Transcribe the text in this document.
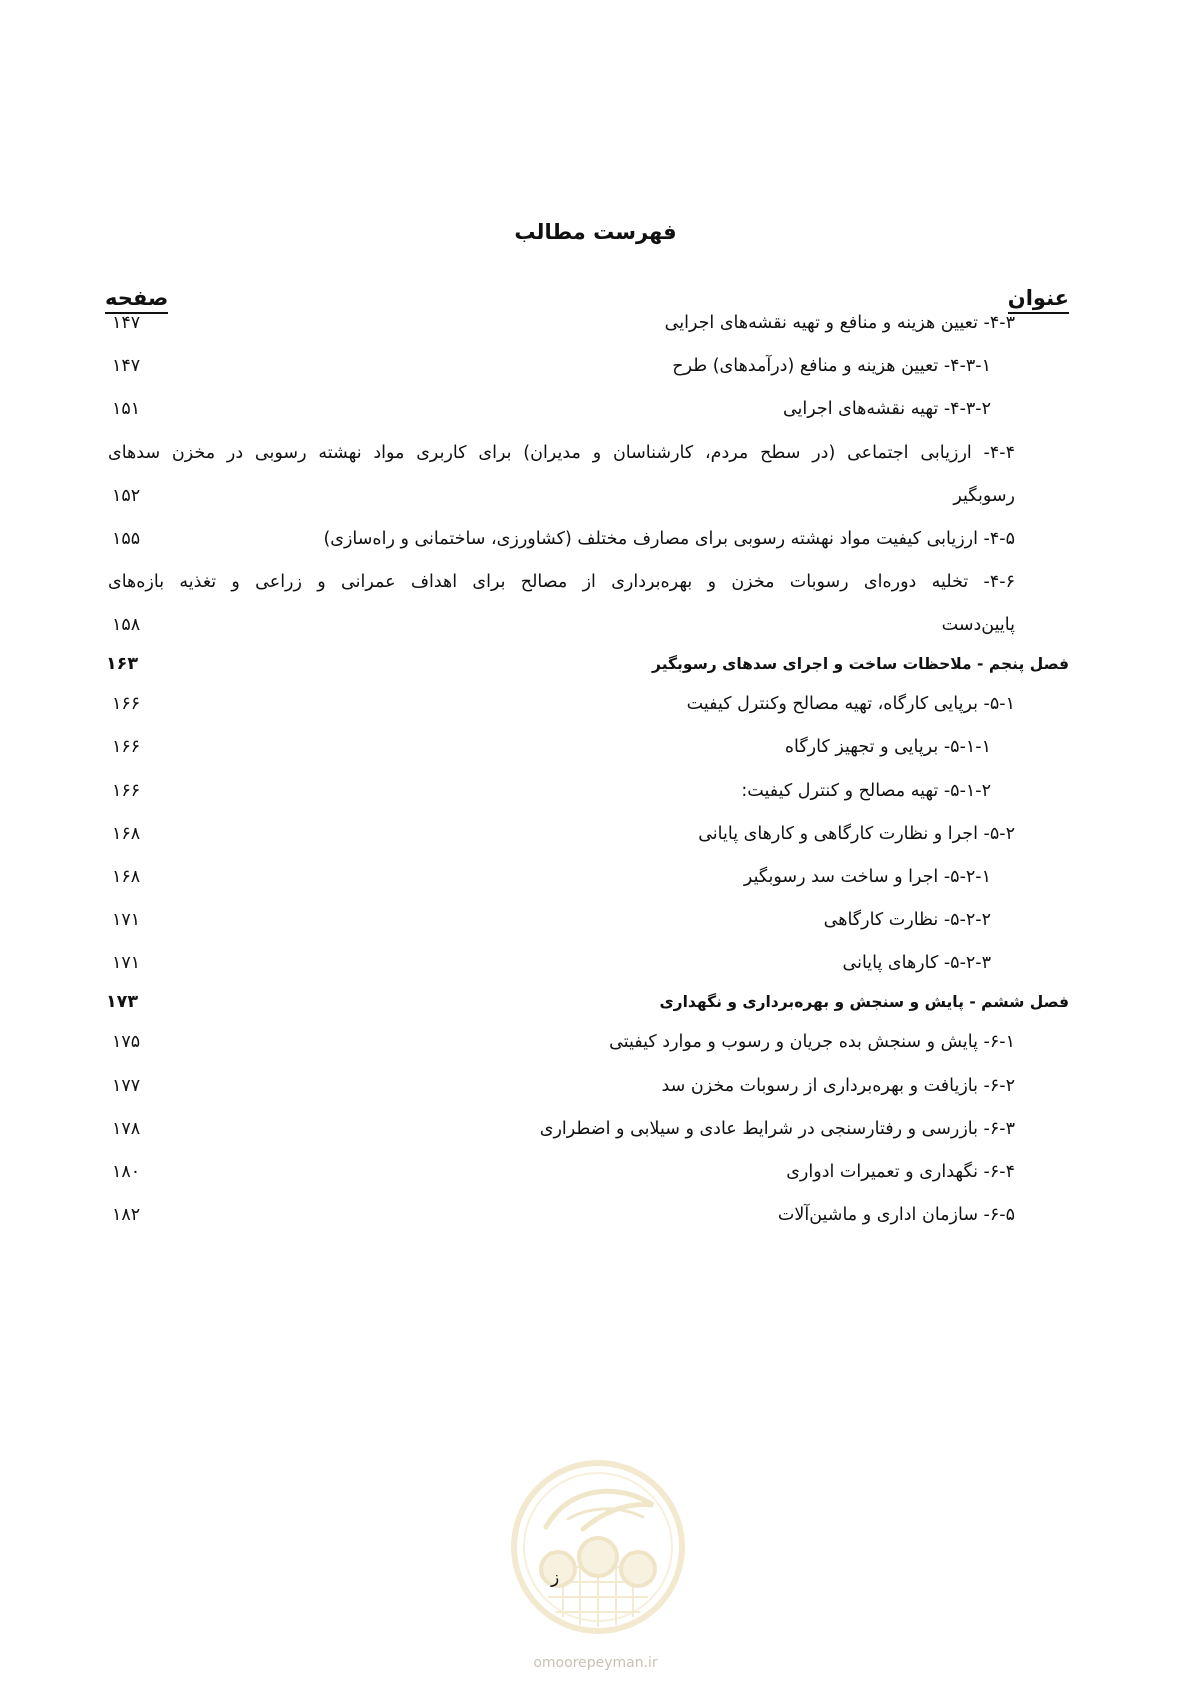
فهرست مطالب
عنوان
صفحه
۴-۳- تعیین هزینه و منافع و تهیه نقشه‌های اجرایی
۱۴۷
۴-۳-۱- تعیین هزینه و منافع (درآمدهای) طرح
۱۴۷
۴-۳-۲- تهیه نقشه‌های اجرایی
۱۵۱
۴-۴- ارزیابی اجتماعی (در سطح مردم، کارشناسان و مدیران) برای کاربری مواد نهشته رسوبی در مخزن سدهای
رسوبگیر
۱۵۲
۴-۵- ارزیابی کیفیت مواد نهشته رسوبی برای مصارف مختلف (کشاورزی، ساختمانی و راه‌سازی)
۱۵۵
۴-۶- تخلیه دوره‌ای رسوبات مخزن و بهره‌برداری از مصالح برای اهداف عمرانی و زراعی و تغذیه بازه‌های
پایین‌دست
۱۵۸
فصل پنجم - ملاحظات ساخت و اجرای سدهای رسوبگیر
۱۶۳
۵-۱- برپایی کارگاه، تهیه مصالح وکنترل کیفیت
۱۶۶
۵-۱-۱- برپایی و تجهیز کارگاه
۱۶۶
۵-۱-۲- تهیه مصالح و کنترل کیفیت:
۱۶۶
۵-۲- اجرا و نظارت کارگاهی و کارهای پایانی
۱۶۸
۵-۲-۱- اجرا و ساخت سد رسوبگیر
۱۶۸
۵-۲-۲- نظارت کارگاهی
۱۷۱
۵-۲-۳- کارهای پایانی
۱۷۱
فصل ششم - پایش و سنجش و بهره‌برداری و نگهداری
۱۷۳
۶-۱- پایش و سنجش بده جریان و رسوب و موارد کیفیتی
۱۷۵
۶-۲- بازیافت و بهره‌برداری از رسوبات مخزن سد
۱۷۷
۶-۳- بازرسی و رفتارسنجی در شرایط عادی و سیلابی و اضطراری
۱۷۸
۶-۴- نگهداری و تعمیرات ادواری
۱۸۰
۶-۵- سازمان اداری و ماشین‌آلات
۱۸۲
ز
omoorepeyman.ir
